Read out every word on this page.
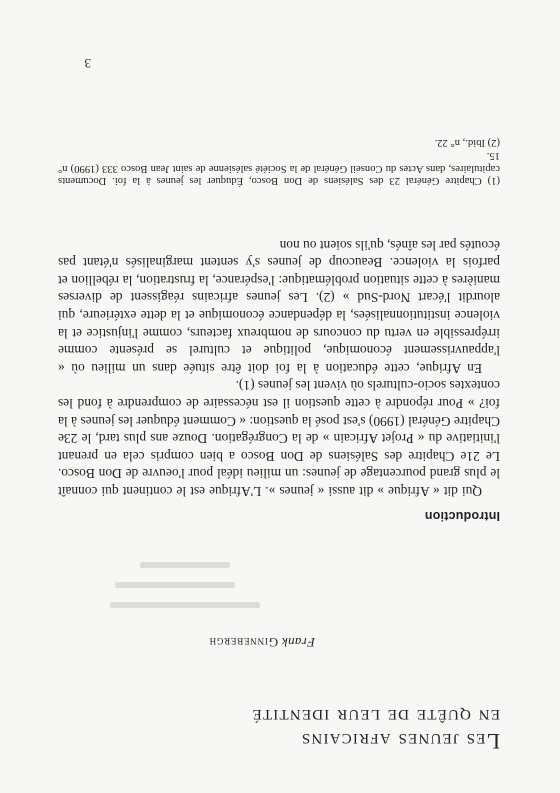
Les jeunes africains
en quête de leur identité
Frank Ginnebergh
Introduction

Qui dit « Afrique » dit aussi « jeunes ». L'Afrique est le continent qui connaît le plus grand pourcentage de jeunes: un milieu idéal pour l'oeuvre de Don Bosco. Le 21e Chapitre des Salésiens de Don Bosco a bien compris cela en prenant l'initiative du « Projet Africain » de la Congrégation. Douze ans plus tard, le 23e Chapitre Général (1990) s'est posé la question: « Comment éduquer les jeunes à la foi? » Pour répondre à cette question il est nécessaire de comprendre à fond les contextes socio-culturels où vivent les jeunes (1).

En Afrique, cette éducation à la foi doit être située dans un milieu où « l'appauvrissement économique, politique et culturel se présente comme irrépressible en vertu du concours de nombreux facteurs, comme l'injustice et la violence institutionnalisées, la dépendance économique et la dette extérieure, qui alourdit l'écart Nord-Sud » (2). Les jeunes africains réagissent de diverses manières à cette situation problématique: l'espérance, la frustration, la rébellion et parfois la violence. Beaucoup de jeunes s'y sentent marginalisés n'étant pas écoutés par les aînés, qu'ils soient ou non

(1) Chapitre Général 23 des Salésiens de Don Bosco, Éduquer les jeunes à la foi. Documents capitulaires, dans Actes du Conseil Général de la Société salésienne de saint Jean Bosco 333 (1990) n° 15.

(2) Ibid., n° 22.

3
